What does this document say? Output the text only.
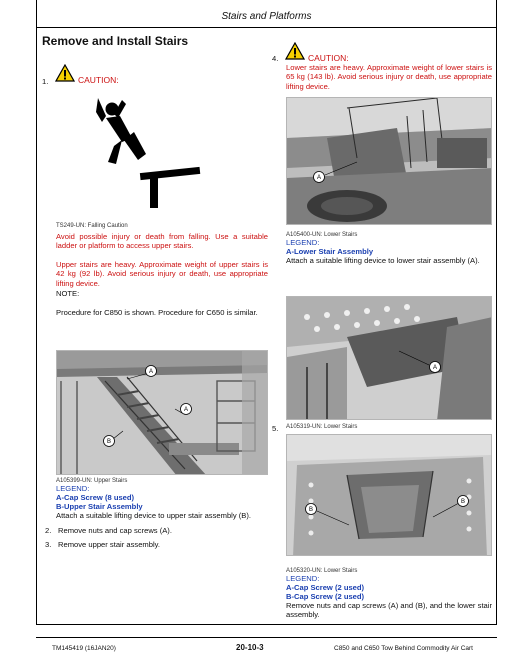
Stairs and Platforms
Remove and Install Stairs
1.	CAUTION:
TS249-UN: Falling Caution
Avoid possible injury or death from falling. Use a suitable ladder or platform to access upper stairs.
Upper stairs are heavy. Approximate weight of upper stairs is 42 kg (92 lb). Avoid serious injury or death, use appropriate lifting device.
NOTE:
Procedure for C850 is shown. Procedure for C650 is similar.
A
A
B
A105399-UN: Upper Stairs
LEGEND:
A-Cap Screw (8 used)
B-Upper Stair Assembly
Attach a suitable lifting device to upper stair assembly (B).
2. Remove nuts and cap screws (A).
3. Remove upper stair assembly.
4.	CAUTION:
Lower stairs are heavy. Approximate weight of lower stairs is 65 kg (143 lb). Avoid serious injury or death, use appropriate lifting device.
A
A105400-UN: Lower Stairs
LEGEND:
A-Lower Stair Assembly
Attach a suitable lifting device to lower stair assembly (A).
5.
A
A105319-UN: Lower Stairs
B
B
A105320-UN: Lower Stairs
LEGEND:
A-Cap Screw (2 used)
B-Cap Screw (2 used)
Remove nuts and cap screws (A) and (B), and the lower stair assembly.
TM145419 (16JAN20)	20-10-3	C850 and C650 Tow Behind Commodity Air Cart
